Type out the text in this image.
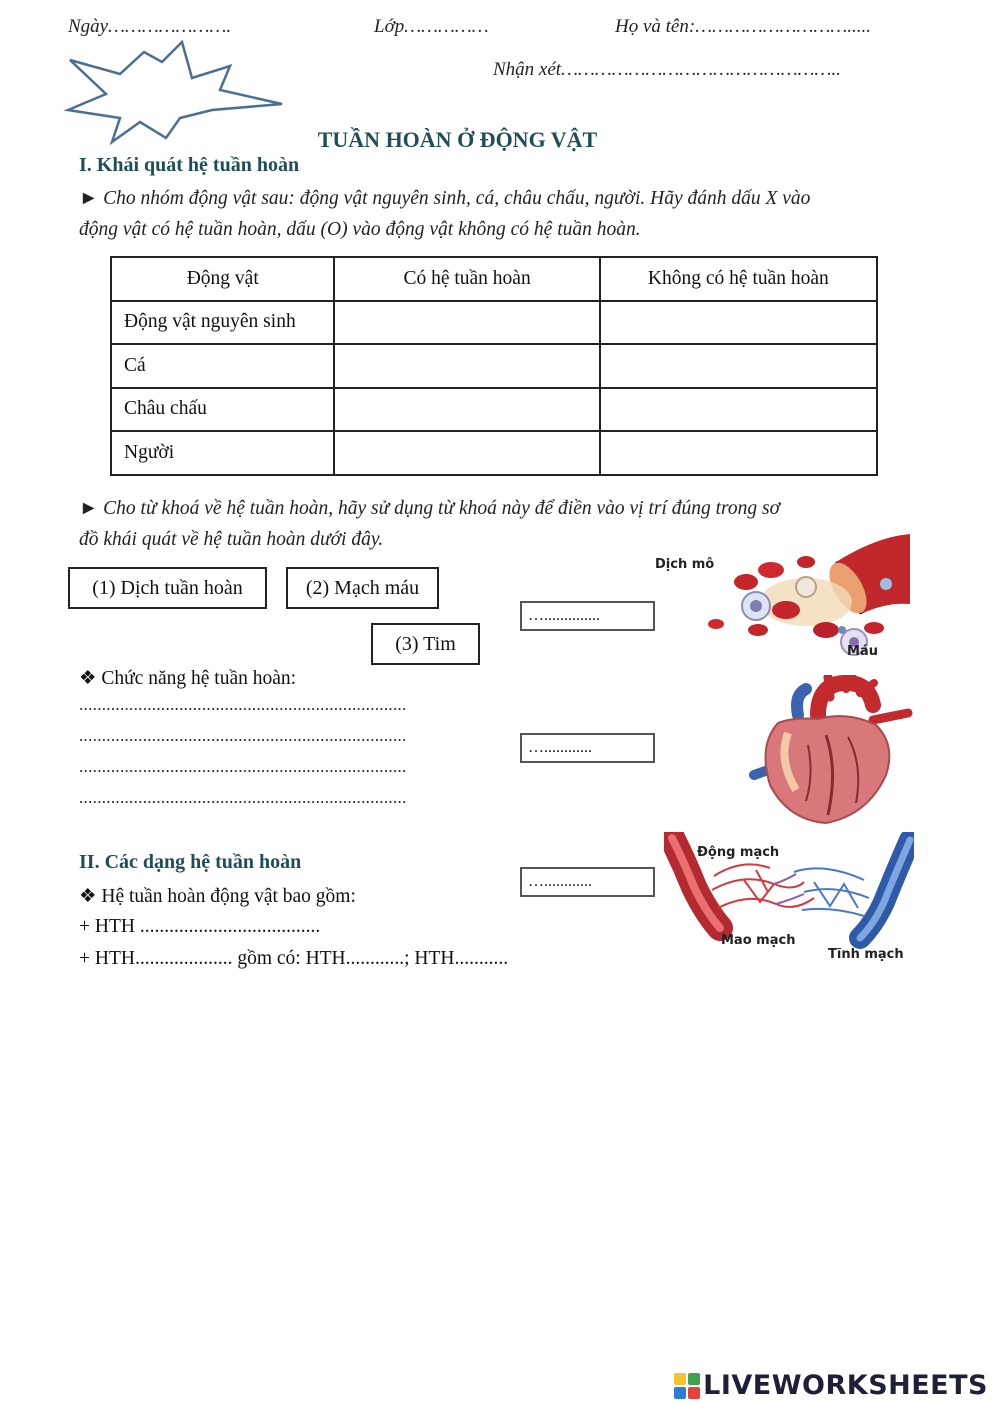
Ngày………………….	Lớp……………	Họ và tên:……………………….....
Nhận xét…………………………………………..
TUẦN HOÀN Ở ĐỘNG VẬT
I. Khái quát hệ tuần hoàn
► Cho nhóm động vật sau: động vật nguyên sinh, cá, châu chấu, người. Hãy đánh dấu X vào
động vật có hệ tuần hoàn, dấu (O) vào động vật không có hệ tuần hoàn.
Động vật	Có hệ tuần hoàn	Không có hệ tuần hoàn
Động vật nguyên sinh		
Cá		
Châu chấu		
Người		
► Cho từ khoá về hệ tuần hoàn, hãy sử dụng từ khoá này để điền vào vị trí đúng trong sơ
đồ khái quát về hệ tuần hoàn dưới đây.
(1) Dịch tuần hoàn	(2) Mạch máu
(3) Tim
…..............
…............
…............
Dịch mô
Máu
❖ Chức năng hệ tuần hoàn:
........................................................................
........................................................................
........................................................................
........................................................................
II. Các dạng hệ tuần hoàn
❖ Hệ tuần hoàn động vật bao gồm:
+ HTH .....................................
+ HTH.................... gồm có: HTH............; HTH...........
Động mạch
Mao mạch
Tĩnh mạch
LIVEWORKSHEETS
